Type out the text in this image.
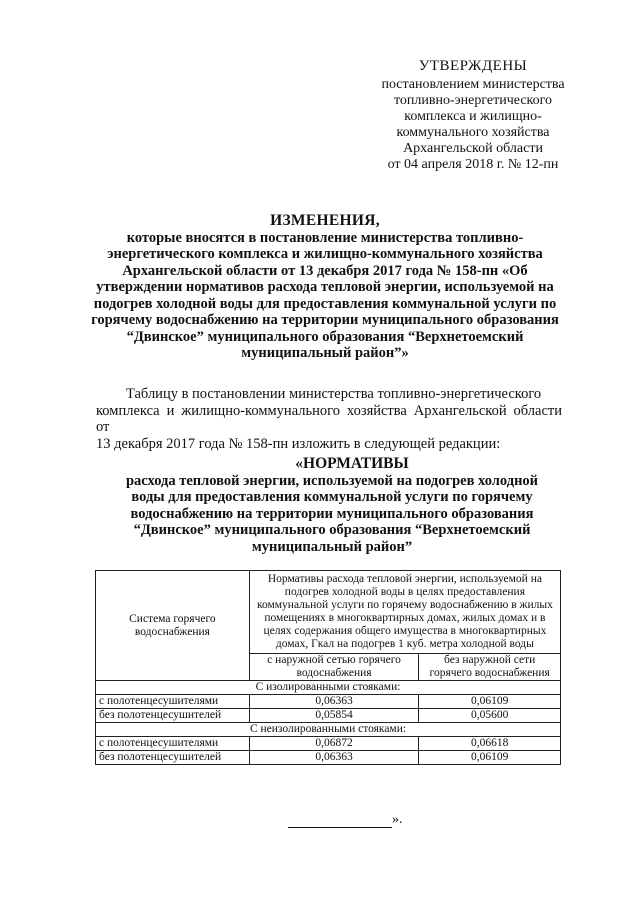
УТВЕРЖДЕНЫ
постановлением министерства
топливно-энергетического
комплекса и жилищно-
коммунального хозяйства
Архангельской области
от 04 апреля 2018 г. № 12-пн
ИЗМЕНЕНИЯ,
которые вносятся в постановление министерства топливно-
энергетического комплекса и жилищно-коммунального хозяйства
Архангельской области от 13 декабря 2017 года № 158-пн «Об
утверждении нормативов расхода тепловой энергии, используемой на
подогрев холодной воды для предоставления коммунальной услуги по
горячему водоснабжению на территории муниципального образования
“Двинское” муниципального образования “Верхнетоемский
муниципальный район”»
Таблицу в постановлении министерства топливно-энергетического
комплекса и жилищно-коммунального хозяйства Архангельской области от
13 декабря 2017 года № 158-пн изложить в следующей редакции:
«НОРМАТИВЫ
расхода тепловой энергии, используемой на подогрев холодной
воды для предоставления коммунальной услуги по горячему
водоснабжению на территории муниципального образования
“Двинское” муниципального образования “Верхнетоемский
муниципальный район”
Система горячего водоснабжения	Нормативы расхода тепловой энергии, используемой на подогрев холодной воды в целях предоставления коммунальной услуги по горячему водоснабжению в жилых помещениях в многоквартирных домах, жилых домах и в целях содержания общего имущества в многоквартирных домах, Гкал на подогрев 1 куб. метра холодной воды	
	с наружной сетью горячего водоснабжения	без наружной сети горячего водоснабжения
С изолированными стояками:		
с полотенцесушителями	0,06363	0,06109
без полотенцесушителей	0,05854	0,05600
С неизолированными стояками:		
с полотенцесушителями	0,06872	0,06618
без полотенцесушителей	0,06363	0,06109
».
